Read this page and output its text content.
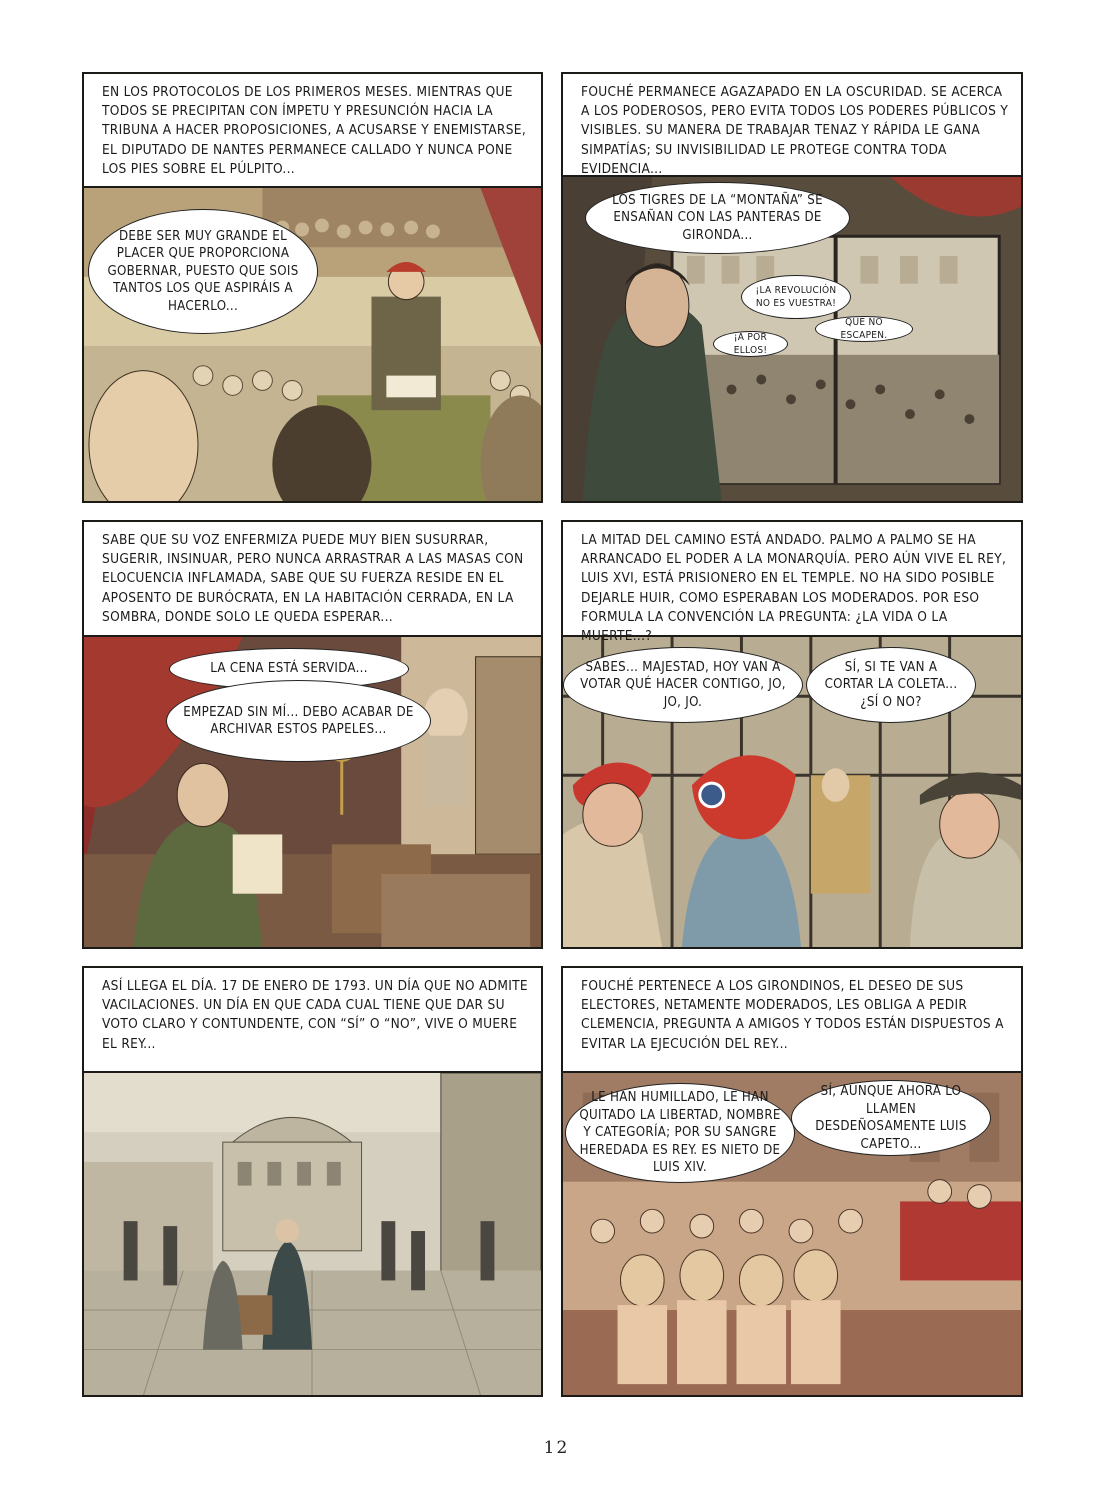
EN LOS PROTOCOLOS DE LOS PRIMEROS MESES. MIENTRAS QUE TODOS SE PRECIPITAN CON ÍMPETU Y PRESUNCIÓN HACIA LA TRIBUNA A HACER PROPOSICIONES, A ACUSARSE Y ENEMISTARSE, EL DIPUTADO DE NANTES PERMANECE CALLADO Y NUNCA PONE LOS PIES SOBRE EL PÚLPITO...
DEBE SER MUY GRANDE EL PLACER QUE PROPORCIONA GOBERNAR, PUESTO QUE SOIS TANTOS LOS QUE ASPIRÁIS A HACERLO...
FOUCHÉ PERMANECE AGAZAPADO EN LA OSCURIDAD. SE ACERCA A LOS PODEROSOS, PERO EVITA TODOS LOS PODERES PÚBLICOS Y VISIBLES. SU MANERA DE TRABAJAR TENAZ Y RÁPIDA LE GANA SIMPATÍAS; SU INVISIBILIDAD LE PROTEGE CONTRA TODA EVIDENCIA...
LOS TIGRES DE LA “MONTAÑA” SE ENSAÑAN CON LAS PANTERAS DE GIRONDA...
¡LA REVOLUCIÓN NO ES VUESTRA!
¡A POR ELLOS!
QUE NO ESCAPEN.
SABE QUE SU VOZ ENFERMIZA PUEDE MUY BIEN SUSURRAR, SUGERIR, INSINUAR, PERO NUNCA ARRASTRAR A LAS MASAS CON ELOCUENCIA INFLAMADA, SABE QUE SU FUERZA RESIDE EN EL APOSENTO DE BURÓCRATA, EN LA HABITACIÓN CERRADA, EN LA SOMBRA, DONDE SOLO LE QUEDA ESPERAR...
LA CENA ESTÁ SERVIDA...
EMPEZAD SIN MÍ... DEBO ACABAR DE ARCHIVAR ESTOS PAPELES...
LA MITAD DEL CAMINO ESTÁ ANDADO. PALMO A PALMO SE HA ARRANCADO EL PODER A LA MONARQUÍA. PERO AÚN VIVE EL REY, LUIS XVI, ESTÁ PRISIONERO EN EL TEMPLE. NO HA SIDO POSIBLE DEJARLE HUIR, COMO ESPERABAN LOS MODERADOS. POR ESO FORMULA LA CONVENCIÓN LA PREGUNTA: ¿LA VIDA O LA MUERTE...?
SABES... MAJESTAD, HOY VAN A VOTAR QUÉ HACER CONTIGO, JO, JO, JO.
SÍ, SI TE VAN A CORTAR LA COLETA... ¿SÍ O NO?
ASÍ LLEGA EL DÍA. 17 DE ENERO DE 1793. UN DÍA QUE NO ADMITE VACILACIONES. UN DÍA EN QUE CADA CUAL TIENE QUE DAR SU VOTO CLARO Y CONTUNDENTE, CON “SÍ” O “NO”, VIVE O MUERE EL REY...
FOUCHÉ PERTENECE A LOS GIRONDINOS, EL DESEO DE SUS ELECTORES, NETAMENTE MODERADOS, LES OBLIGA A PEDIR CLEMENCIA, PREGUNTA A AMIGOS Y TODOS ESTÁN DISPUESTOS A EVITAR LA EJECUCIÓN DEL REY...
LE HAN HUMILLADO, LE HAN QUITADO LA LIBERTAD, NOMBRE Y CATEGORÍA; POR SU SANGRE HEREDADA ES REY. ES NIETO DE LUIS XIV.
SÍ, AUNQUE AHORA LO LLAMEN DESDEÑOSAMENTE LUIS CAPETO...
12
